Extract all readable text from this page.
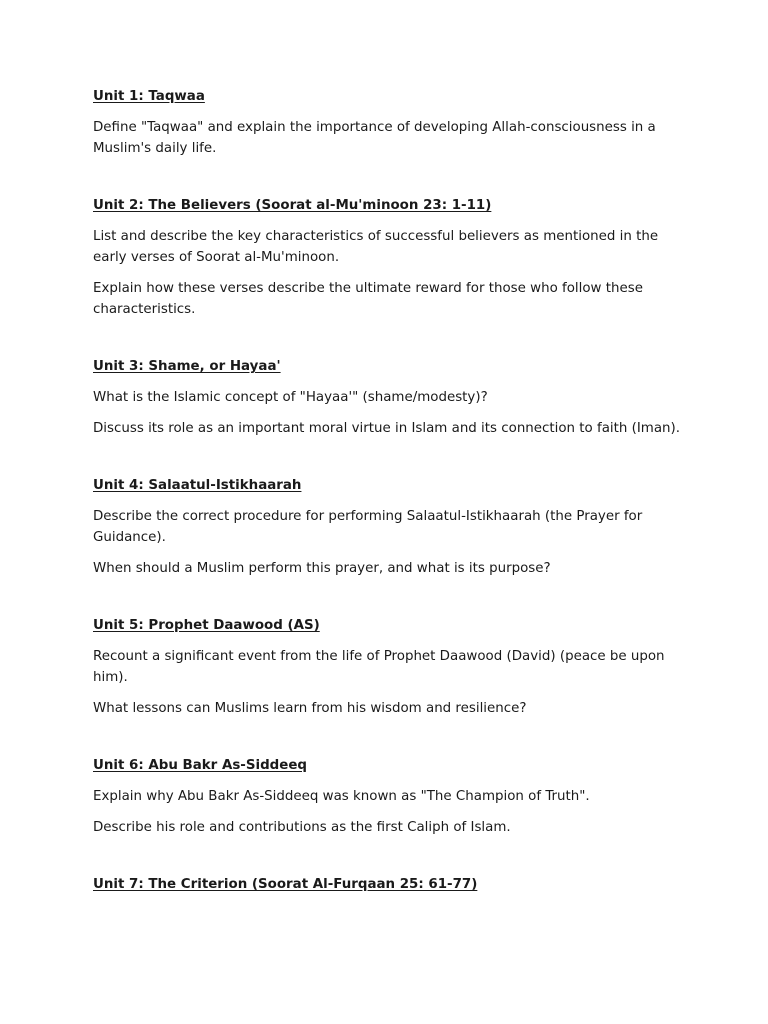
Unit 1: Taqwaa

Define "Taqwaa" and explain the importance of developing Allah-consciousness in a Muslim's daily life.

Unit 2: The Believers (Soorat al-Mu'minoon 23: 1-11)

List and describe the key characteristics of successful believers as mentioned in the early verses of Soorat al-Mu'minoon.

Explain how these verses describe the ultimate reward for those who follow these characteristics.

Unit 3: Shame, or Hayaa'

What is the Islamic concept of "Hayaa'" (shame/modesty)?

Discuss its role as an important moral virtue in Islam and its connection to faith (Iman).

Unit 4: Salaatul-Istikhaarah

Describe the correct procedure for performing Salaatul-Istikhaarah (the Prayer for Guidance).

When should a Muslim perform this prayer, and what is its purpose?

Unit 5: Prophet Daawood (AS)

Recount a significant event from the life of Prophet Daawood (David) (peace be upon him).

What lessons can Muslims learn from his wisdom and resilience?

Unit 6: Abu Bakr As-Siddeeq

Explain why Abu Bakr As-Siddeeq was known as "The Champion of Truth".

Describe his role and contributions as the first Caliph of Islam.

Unit 7: The Criterion (Soorat Al-Furqaan 25: 61-77)
